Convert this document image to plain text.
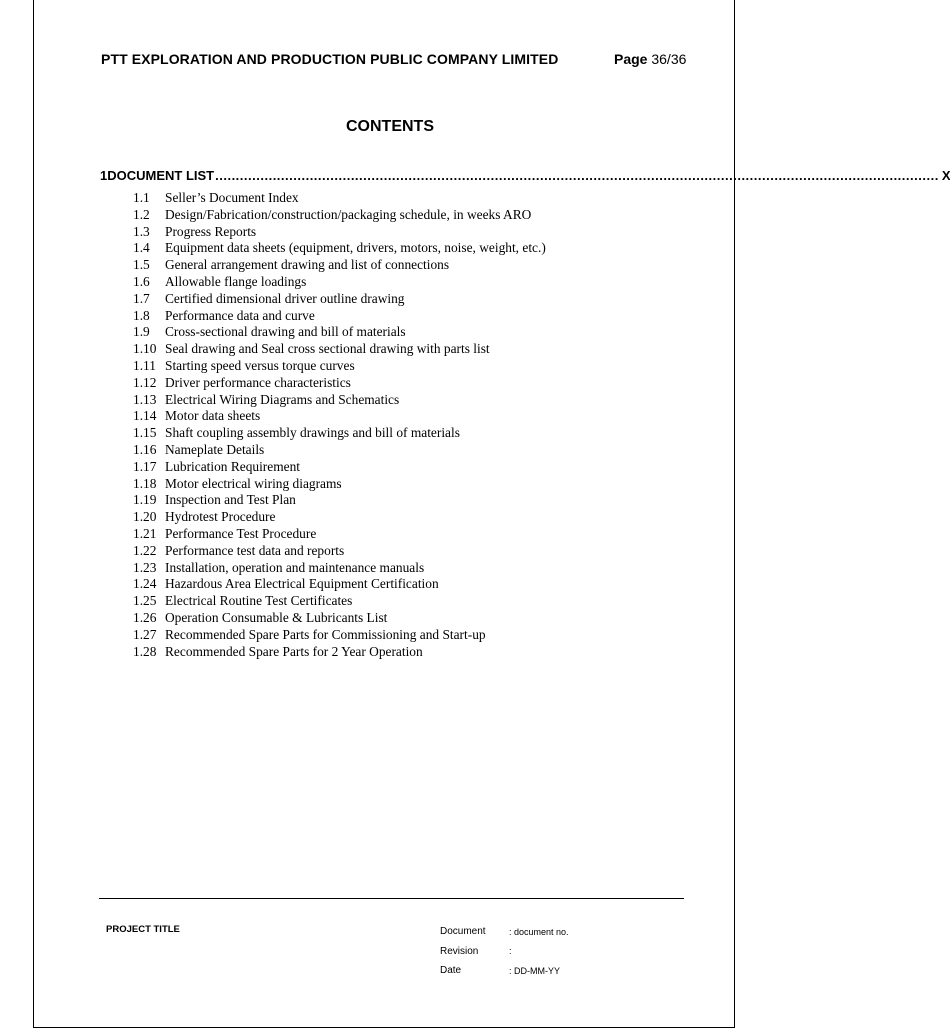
PTT EXPLORATION AND PRODUCTION PUBLIC COMPANY LIMITED	Page 36/36
CONTENTS
1 DOCUMENT LIST ................................................................................................................................................................................ X
1.1	Seller’s Document Index
1.2	Design/Fabrication/construction/packaging schedule, in weeks ARO
1.3	Progress Reports
1.4	Equipment data sheets (equipment, drivers, motors, noise, weight, etc.)
1.5	General arrangement drawing and list of connections
1.6	Allowable flange loadings
1.7	Certified dimensional driver outline drawing
1.8	Performance data and curve
1.9	Cross-sectional drawing and bill of materials
1.10 Seal drawing and Seal cross sectional drawing with parts list
1.11 Starting speed versus torque curves
1.12 Driver performance characteristics
1.13 Electrical Wiring Diagrams and Schematics
1.14 Motor data sheets
1.15 Shaft coupling assembly drawings and bill of materials
1.16 Nameplate Details
1.17 Lubrication Requirement
1.18 Motor electrical wiring diagrams
1.19 Inspection and Test Plan
1.20 Hydrotest Procedure
1.21 Performance Test Procedure
1.22 Performance test data and reports
1.23 Installation, operation and maintenance manuals
1.24 Hazardous Area Electrical Equipment Certification
1.25 Electrical Routine Test Certificates
1.26 Operation Consumable & Lubricants List
1.27 Recommended Spare Parts for Commissioning and Start-up
1.28 Recommended Spare Parts for 2 Year Operation
PROJECT TITLE	Document	: document no.
Revision	:
Date	: DD-MM-YY
